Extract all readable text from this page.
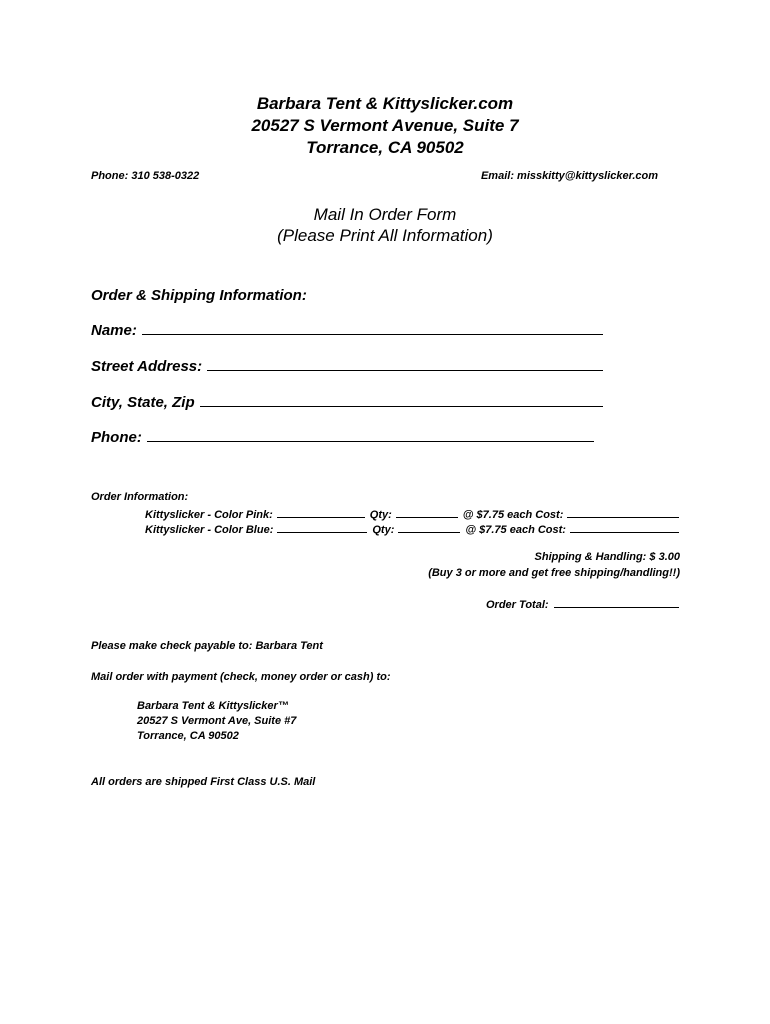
Barbara Tent & Kittyslicker.com
20527 S Vermont Avenue, Suite 7
Torrance, CA 90502
Phone: 310 538-0322	Email: misskitty@kittyslicker.com
Mail In Order Form
(Please Print All Information)
Order & Shipping Information:
Name:
Street Address:
City, State, Zip
Phone:
Order Information:
Kittyslicker - Color Pink:	Qty:	@ $7.75 each Cost:
Kittyslicker - Color Blue:	Qty:	@ $7.75 each Cost:
Shipping & Handling: $ 3.00
(Buy 3 or more and get free shipping/handling!!)
Order Total:
Please make check payable to: Barbara Tent
Mail order with payment (check, money order or cash) to:
Barbara Tent & Kittyslicker™
20527 S Vermont Ave, Suite #7
Torrance, CA 90502
All orders are shipped First Class U.S. Mail
